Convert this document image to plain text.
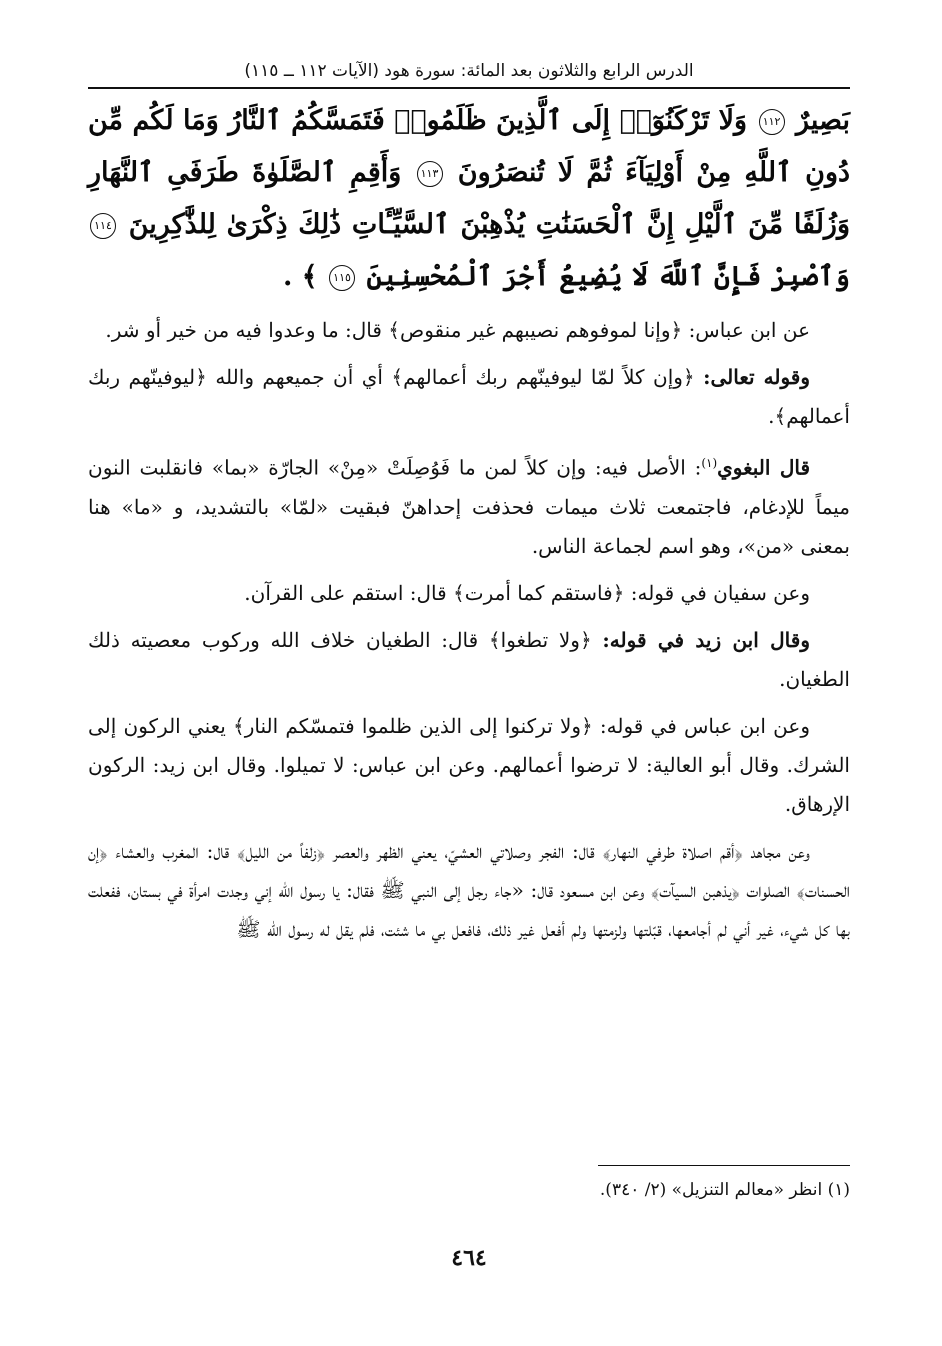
الدرس الرابع والثلاثون بعد المائة: سورة هود (الآيات ١١٢ ــ ١١٥)
بَصِيرٌ ١١٢ وَلَا تَرْكَنُوٓا۟ إِلَى ٱلَّذِينَ ظَلَمُوا۟ فَتَمَسَّكُمُ ٱلنَّارُ وَمَا لَكُم مِّن دُونِ ٱللَّهِ مِنْ أَوْلِيَآءَ ثُمَّ لَا تُنصَرُونَ ١١٣ وَأَقِمِ ٱلصَّلَوٰةَ طَرَفَىِ ٱلنَّهَارِ وَزُلَفًا مِّنَ ٱلَّيْلِ إِنَّ ٱلْحَسَنَٰتِ يُذْهِبْنَ ٱلسَّيِّـَٔاتِ ذَٰلِكَ ذِكْرَىٰ لِلذَّٰكِرِينَ ١١٤ وَٱصْبِرْ فَإِنَّ ٱللَّهَ لَا يُضِيعُ أَجْرَ ٱلْمُحْسِنِينَ ١١٥ ﴾ .

عن ابن عباس: ﴿وإنا لموفوهم نصيبهم غير منقوص﴾ قال: ما وعدوا فيه من خير أو شر.

وقوله تعالى: ﴿وإن كلاً لمّا ليوفينّهم ربك أعمالهم﴾ أي أن جميعهم والله ﴿ليوفينّهم ربك أعمالهم﴾.

قال البغوي$^{(١)}$: الأصل فيه: وإن كلاً لمن ما فَوُصِلَتْ «مِنْ» الجارّة «بما» فانقلبت النون ميماً للإدغام، فاجتمعت ثلاث ميمات فحذفت إحداهنّ فبقيت «لمّا» بالتشديد، و «ما» هنا بمعنى «من»، وهو اسم لجماعة الناس.

وعن سفيان في قوله: ﴿فاستقم كما أمرت﴾ قال: استقم على القرآن.

وقال ابن زيد في قوله: ﴿ولا تطغوا﴾ قال: الطغيان خلاف الله وركوب معصيته ذلك الطغيان.

وعن ابن عباس في قوله: ﴿ولا تركنوا إلى الذين ظلموا فتمسّكم النار﴾ يعني الركون إلى الشرك. وقال أبو العالية: لا ترضوا أعمالهم. وعن ابن عباس: لا تميلوا. وقال ابن زيد: الركون الإرهاق.

وعن مجاهد ﴿أقم اصلاة طرفي النهار﴾ قال: الفجر وصلاتي العشيّ، يعني الظهر والعصر ﴿زلفاً من الليل﴾ قال: المغرب والعشاء ﴿إن الحسنات﴾ الصلوات ﴿يذهبن السيآت﴾ وعن ابن مسعود قال: «جاء رجل إلى النبي ﷺ فقال: يا رسول الله إني وجدت امرأة في بستان، ففعلت بها كل شيء، غير أني لم أجامعها، قبّلتها ولزمتها ولم أفعل غير ذلك، فافعل بي ما شئت، فلم يقل له رسول الله ﷺ

(١) انظر «معالم التنزيل» (٢/ ٣٤٠).
٤٦٤
